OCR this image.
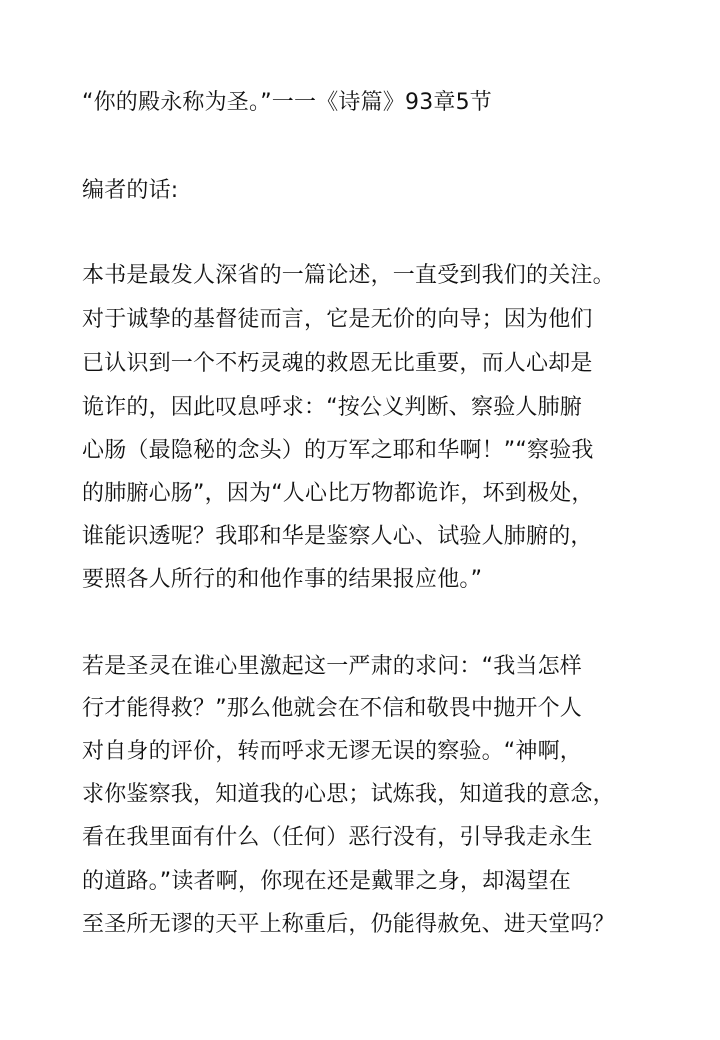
“你的殿永称为圣。”一一《诗篇》93章5节
编者的话:
本书是最发人深省的一篇论述，一直受到我们的关注。
对于诚挚的基督徒而言，它是无价的向导；因为他们
已认识到一个不朽灵魂的救恩无比重要，而人心却是
诡诈的，因此叹息呼求：“按公义判断、察验人肺腑
心肠（最隐秘的念头）的万军之耶和华啊！”“察验我
的肺腑心肠”，因为“人心比万物都诡诈，坏到极处，
谁能识透呢？我耶和华是鉴察人心、试验人肺腑的，
要照各人所行的和他作事的结果报应他。”
若是圣灵在谁心里激起这一严肃的求问：“我当怎样
行才能得救？”那么他就会在不信和敬畏中抛开个人
对自身的评价，转而呼求无谬无误的察验。“神啊，
求你鉴察我，知道我的心思；试炼我，知道我的意念，
看在我里面有什么（任何）恶行没有，引导我走永生
的道路。”读者啊，你现在还是戴罪之身，却渴望在
至圣所无谬的天平上称重后，仍能得赦免、进天堂吗？
